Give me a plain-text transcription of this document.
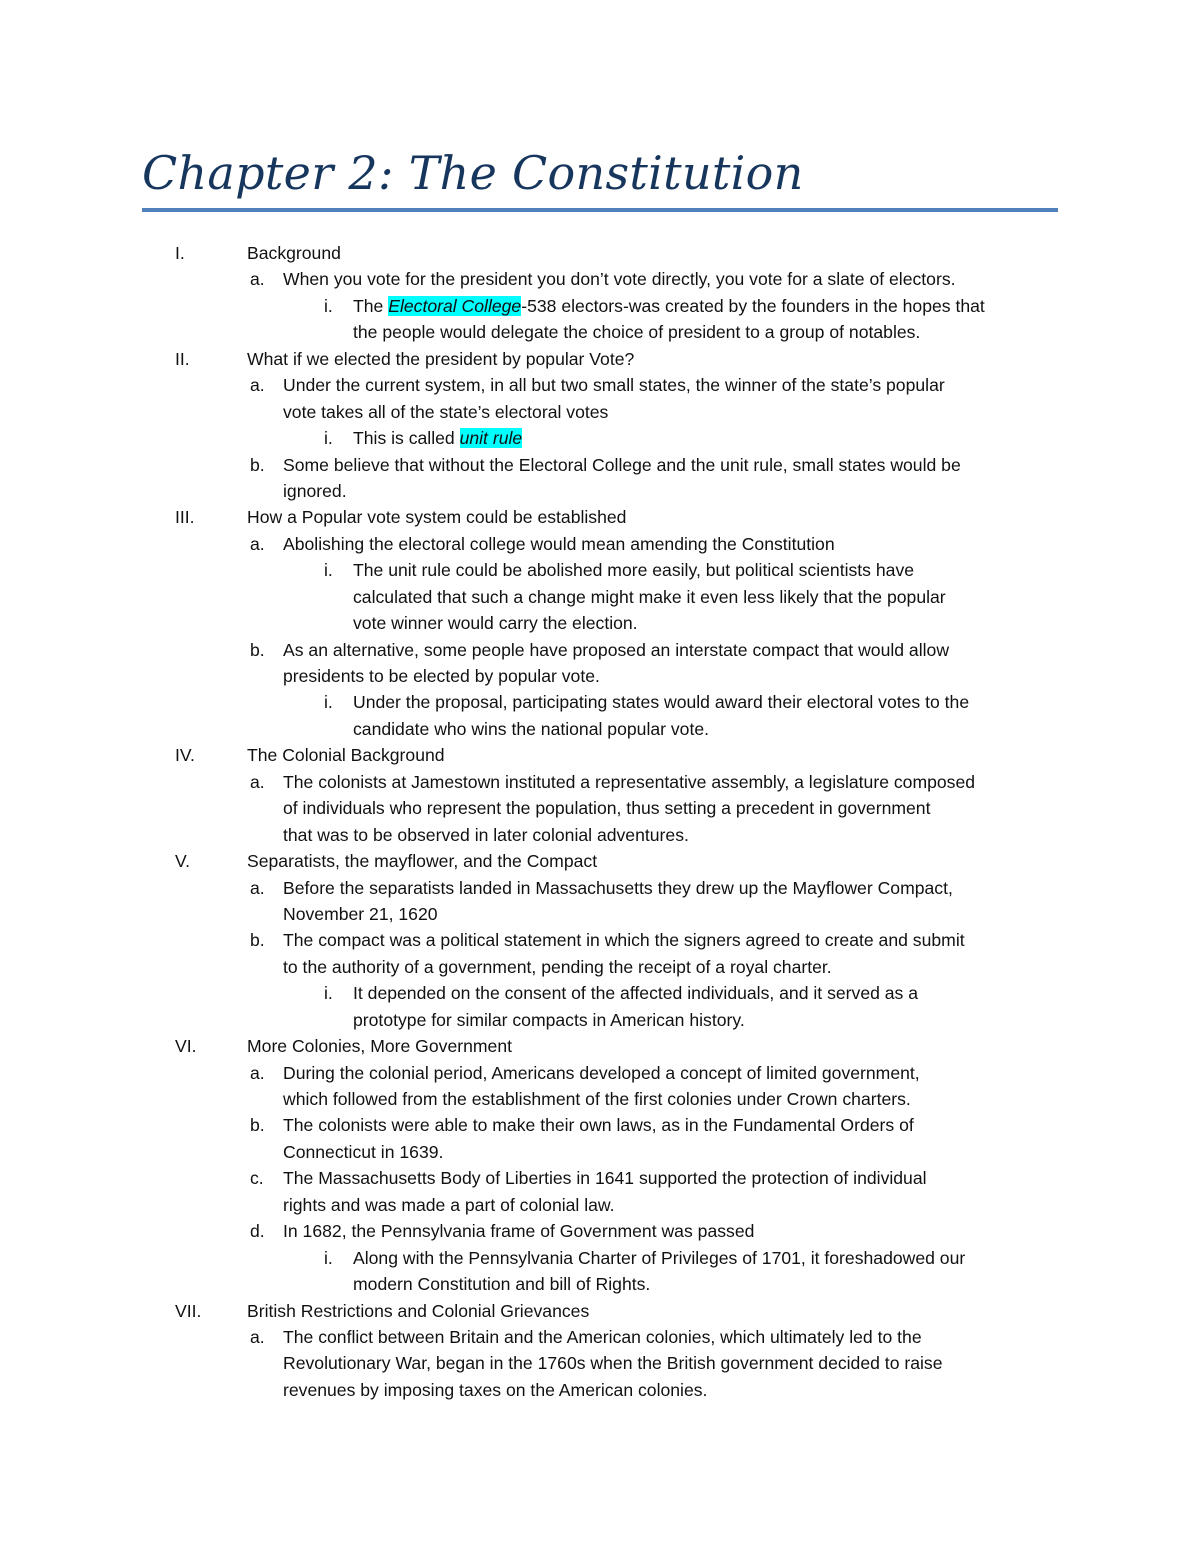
Chapter 2: The Constitution
I.	Background
a. When you vote for the president you don’t vote directly, you vote for a slate of electors.
i. The Electoral College-538 electors-was created by the founders in the hopes that
the people would delegate the choice of president to a group of notables.
II.	What if we elected the president by popular Vote?
a. Under the current system, in all but two small states, the winner of the state’s popular
vote takes all of the state’s electoral votes
i. This is called unit rule
b. Some believe that without the Electoral College and the unit rule, small states would be
ignored.
III.	How a Popular vote system could be established
a. Abolishing the electoral college would mean amending the Constitution
i. The unit rule could be abolished more easily, but political scientists have
calculated that such a change might make it even less likely that the popular
vote winner would carry the election.
b. As an alternative, some people have proposed an interstate compact that would allow
presidents to be elected by popular vote.
i. Under the proposal, participating states would award their electoral votes to the
candidate who wins the national popular vote.
IV.	The Colonial Background
a. The colonists at Jamestown instituted a representative assembly, a legislature composed
of individuals who represent the population, thus setting a precedent in government
that was to be observed in later colonial adventures.
V.	Separatists, the mayflower, and the Compact
a. Before the separatists landed in Massachusetts they drew up the Mayflower Compact,
November 21, 1620
b. The compact was a political statement in which the signers agreed to create and submit
to the authority of a government, pending the receipt of a royal charter.
i. It depended on the consent of the affected individuals, and it served as a
prototype for similar compacts in American history.
VI.	More Colonies, More Government
a. During the colonial period, Americans developed a concept of limited government,
which followed from the establishment of the first colonies under Crown charters.
b. The colonists were able to make their own laws, as in the Fundamental Orders of
Connecticut in 1639.
c. The Massachusetts Body of Liberties in 1641 supported the protection of individual
rights and was made a part of colonial law.
d. In 1682, the Pennsylvania frame of Government was passed
i. Along with the Pennsylvania Charter of Privileges of 1701, it foreshadowed our
modern Constitution and bill of Rights.
VII.	British Restrictions and Colonial Grievances
a. The conflict between Britain and the American colonies, which ultimately led to the
Revolutionary War, began in the 1760s when the British government decided to raise
revenues by imposing taxes on the American colonies.
